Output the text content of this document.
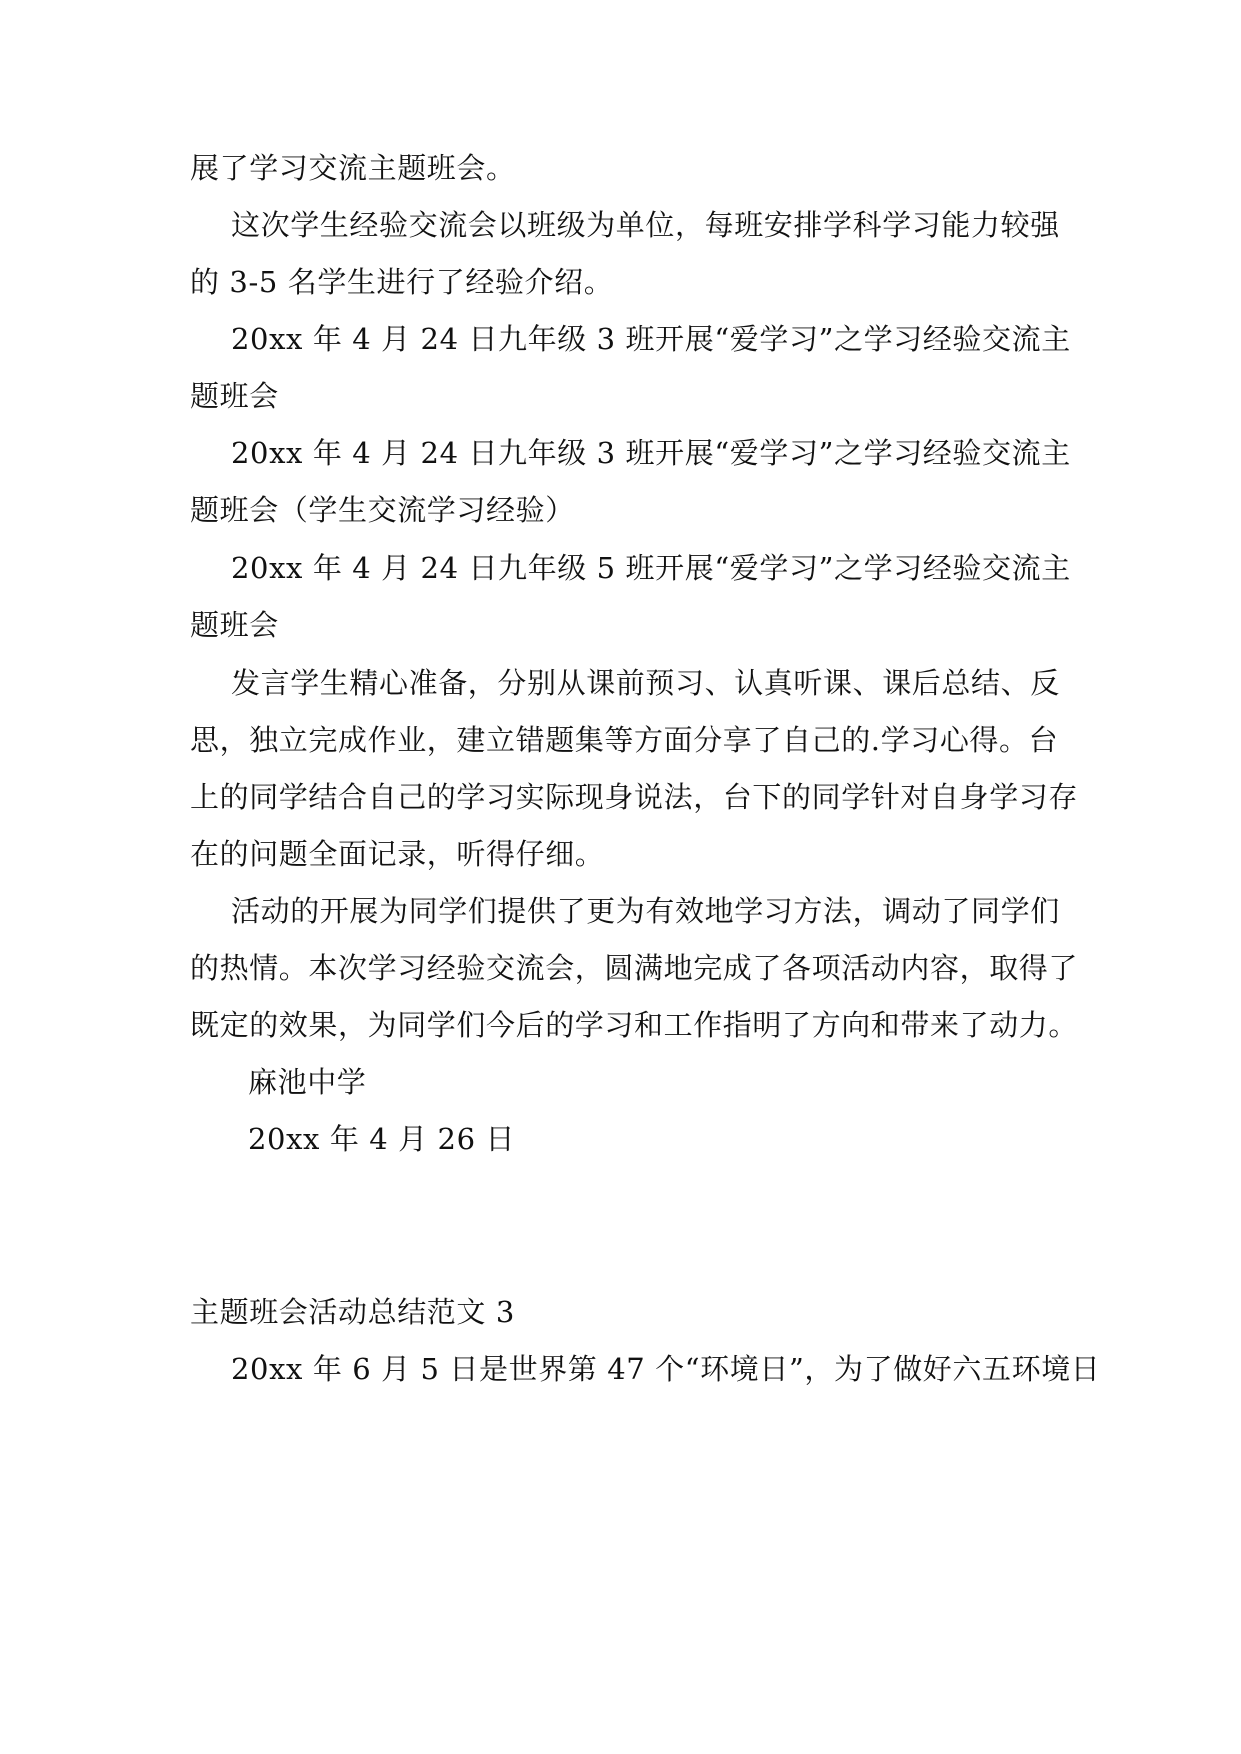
展了学习交流主题班会。
这次学生经验交流会以班级为单位，每班安排学科学习能力较强
的 3-5 名学生进行了经验介绍。
20xx 年 4 月 24 日九年级 3 班开展“爱学习”之学习经验交流主
题班会
20xx 年 4 月 24 日九年级 3 班开展“爱学习”之学习经验交流主
题班会（学生交流学习经验）
20xx 年 4 月 24 日九年级 5 班开展“爱学习”之学习经验交流主
题班会
发言学生精心准备，分别从课前预习、认真听课、课后总结、反
思，独立完成作业，建立错题集等方面分享了自己的.学习心得。台
上的同学结合自己的学习实际现身说法，台下的同学针对自身学习存
在的问题全面记录，听得仔细。
活动的开展为同学们提供了更为有效地学习方法，调动了同学们
的热情。本次学习经验交流会，圆满地完成了各项活动内容，取得了
既定的效果，为同学们今后的学习和工作指明了方向和带来了动力。
麻池中学
20xx 年 4 月 26 日
主题班会活动总结范文 3
20xx 年 6 月 5 日是世界第 47 个“环境日”，为了做好六五环境日
